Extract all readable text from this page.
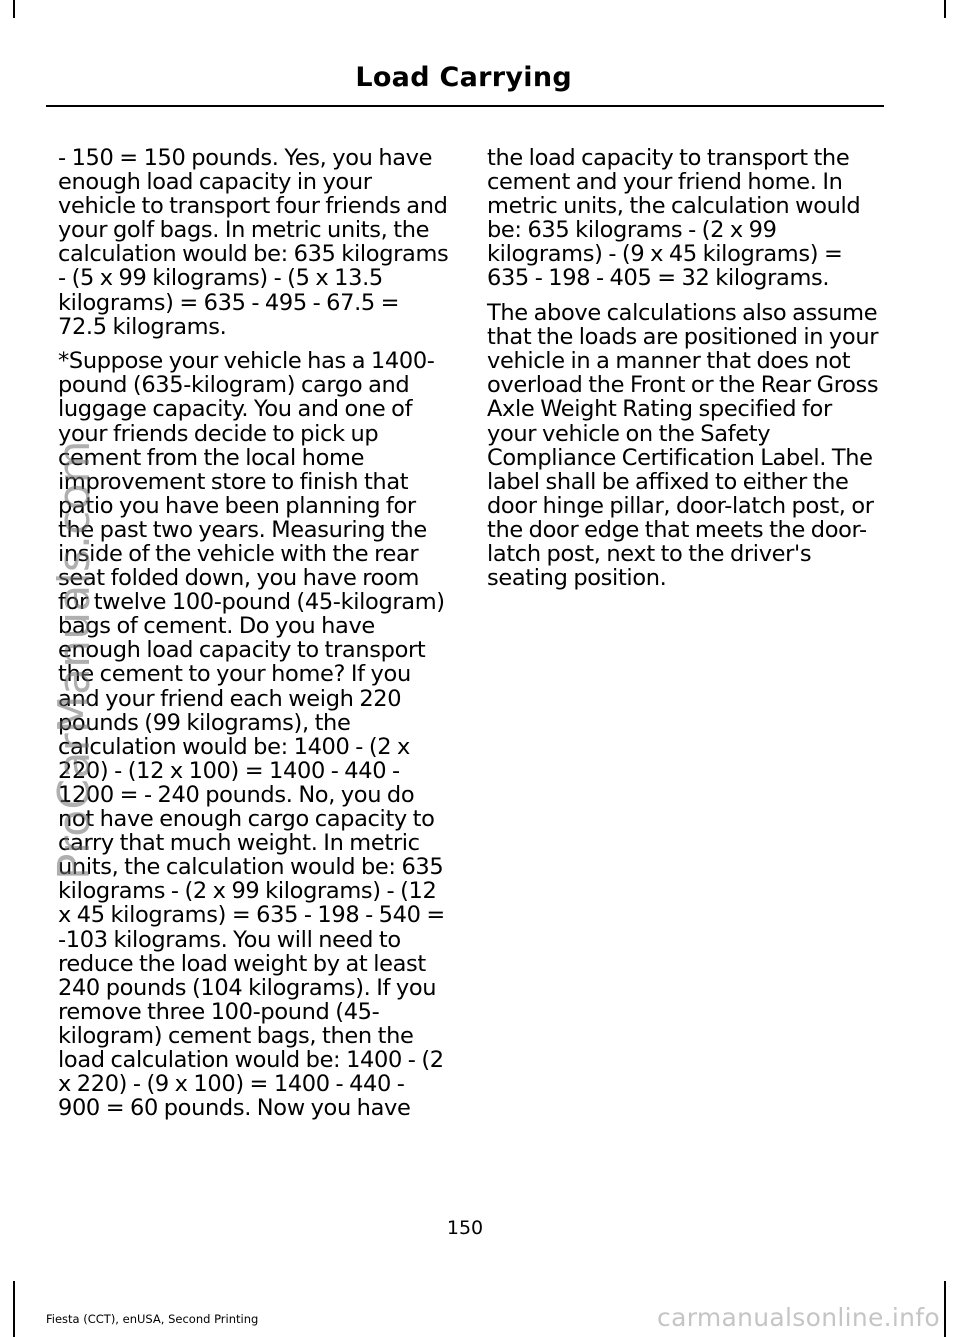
Load Carrying

- 150 = 150 pounds. Yes, you have enough load capacity in your vehicle to transport four friends and your golf bags. In metric units, the calculation would be: 635 kilograms - (5 x 99 kilograms) - (5 x 13.5 kilograms) = 635 - 495 - 67.5 = 72.5 kilograms.

*Suppose your vehicle has a 1400-pound (635-kilogram) cargo and luggage capacity. You and one of your friends decide to pick up cement from the local home improvement store to finish that patio you have been planning for the past two years. Measuring the inside of the vehicle with the rear seat folded down, you have room for twelve 100-pound (45-kilogram) bags of cement. Do you have enough load capacity to transport the cement to your home? If you and your friend each weigh 220 pounds (99 kilograms), the calculation would be: 1400 - (2 x 220) - (12 x 100) = 1400 - 440 - 1200 = - 240 pounds. No, you do not have enough cargo capacity to carry that much weight. In metric units, the calculation would be: 635 kilograms - (2 x 99 kilograms) - (12 x 45 kilograms) = 635 - 198 - 540 = -103 kilograms. You will need to reduce the load weight by at least 240 pounds (104 kilograms). If you remove three 100-pound (45-kilogram) cement bags, then the load calculation would be: 1400 - (2 x 220) - (9 x 100) = 1400 - 440 - 900 = 60 pounds. Now you have

the load capacity to transport the cement and your friend home. In metric units, the calculation would be: 635 kilograms - (2 x 99 kilograms) - (9 x 45 kilograms) = 635 - 198 - 405 = 32 kilograms.

The above calculations also assume that the loads are positioned in your vehicle in a manner that does not overload the Front or the Rear Gross Axle Weight Rating specified for your vehicle on the Safety Compliance Certification Label. The label shall be affixed to either the door hinge pillar, door-latch post, or the door edge that meets the door-latch post, next to the driver's seating position.

150
Fiesta (CCT), enUSA, Second Printing
ProCarManuals.com
carmanualsonline.info
